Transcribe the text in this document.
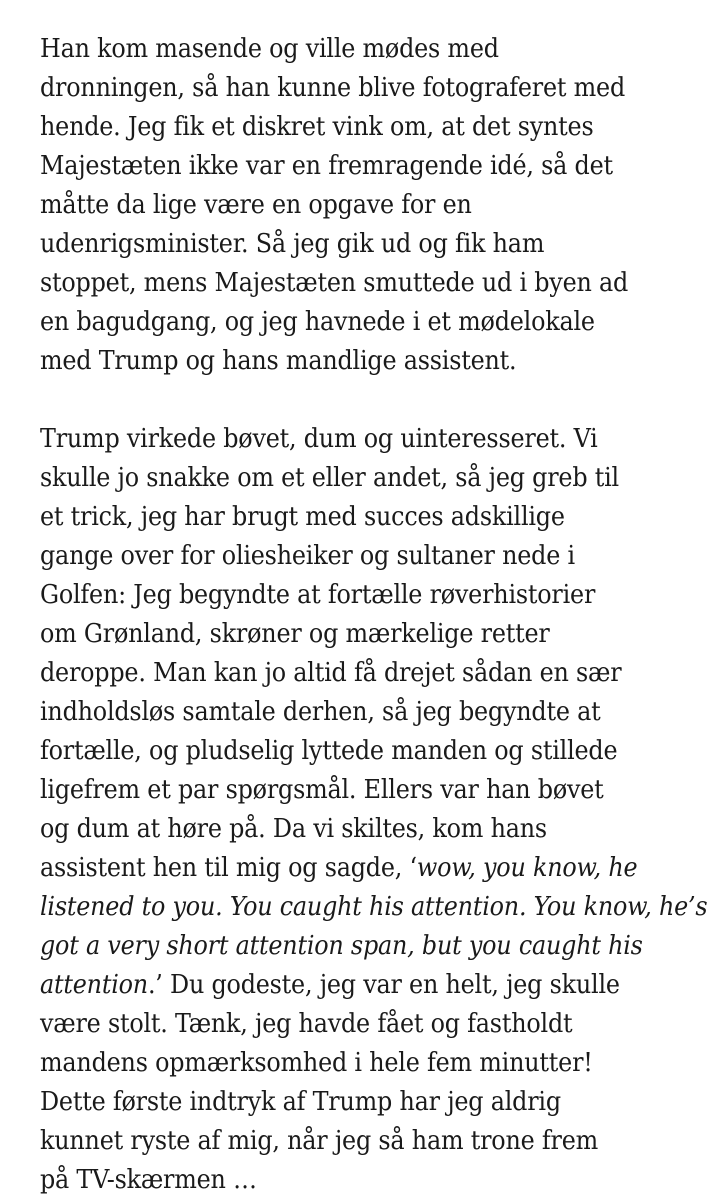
Han kom masende og ville mødes med
dronningen, så han kunne blive fotograferet med
hende. Jeg fik et diskret vink om, at det syntes
Majestæten ikke var en fremragende idé, så det
måtte da lige være en opgave for en
udenrigsminister. Så jeg gik ud og fik ham
stoppet, mens Majestæten smuttede ud i byen ad
en bagudgang, og jeg havnede i et mødelokale
med Trump og hans mandlige assistent.
Trump virkede bøvet, dum og uinteresseret. Vi
skulle jo snakke om et eller andet, så jeg greb til
et trick, jeg har brugt med succes adskillige
gange over for oliesheiker og sultaner nede i
Golfen: Jeg begyndte at fortælle røverhistorier
om Grønland, skrøner og mærkelige retter
deroppe. Man kan jo altid få drejet sådan en sær
indholdsløs samtale derhen, så jeg begyndte at
fortælle, og pludselig lyttede manden og stillede
ligefrem et par spørgsmål. Ellers var han bøvet
og dum at høre på. Da vi skiltes, kom hans
assistent hen til mig og sagde, ‘wow, you know, he
listened to you. You caught his attention. You know, he’s
got a very short attention span, but you caught his
attention.’ Du godeste, jeg var en helt, jeg skulle
være stolt. Tænk, jeg havde fået og fastholdt
mandens opmærksomhed i hele fem minutter!
Dette første indtryk af Trump har jeg aldrig
kunnet ryste af mig, når jeg så ham trone frem
på TV-skærmen …
